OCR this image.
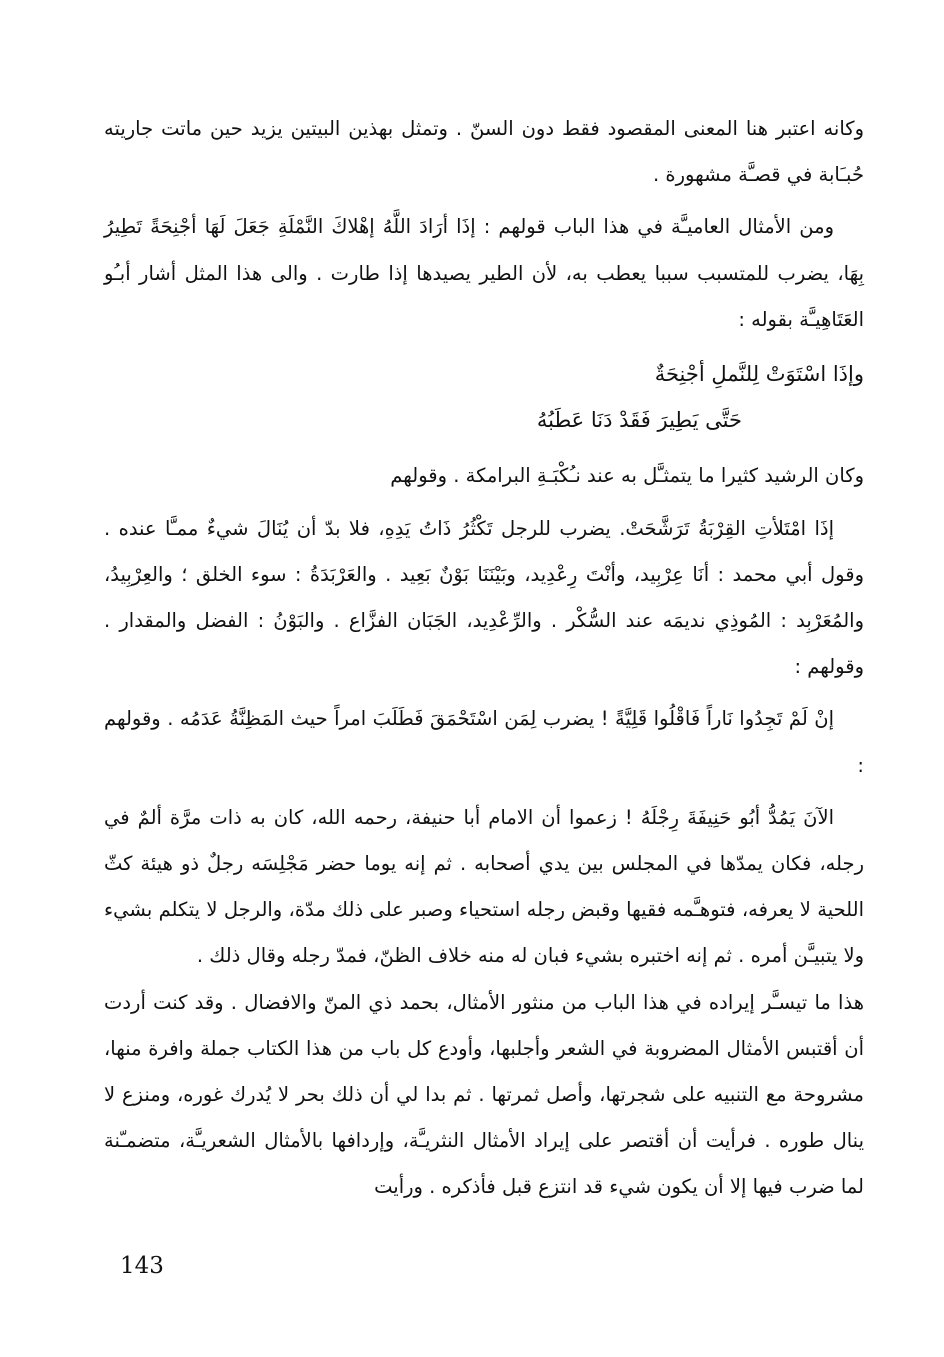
وكانه اعتبر هنا المعنى المقصود فقط دون السنّ . وتمثل بهذين البيتين يزيد حين ماتت جاريته حُبـَابة في قصـَّة مشهورة .

ومن الأمثال العاميـَّة في هذا الباب قولهم : إذَا أرَادَ اللَّهُ إهْلاكَ النَّمْلَةِ جَعَلَ لَهَا أجْنِحَةً تَطِيرُ بِهَا، يضرب للمتسبب سببا يعطب به، لأن الطير يصيدها إذا طارت . والى هذا المثل أشار أبـُو العَتَاهِيـَّة بقوله :

وإذَا اسْتَوَتْ لِلنَّملِ أجْنِحَةٌ
حَتَّى يَطِيرَ فَقَدْ دَنَا عَطَبُهُ

وكان الرشيد كثيرا ما يتمثـَّل به عند نـُكْبَـةِ البرامكة . وقولهم

إذَا امْتَلأتِ القِرْبَةُ تَرَشَّحَتْ. يضرب للرجل تَكْثُرُ ذَاتُ يَدِهِ، فلا بدّ أن يُنَالَ شيءٌ ممـَّا عنده . وقول أبي محمد : أنَا عِرْبِيد، وأنْتَ رِعْدِيد، وبَيْنَنَا بَوْنٌ بَعِيد . والعَرْبَدَةُ : سوء الخلق ؛ والعِرْبِيدُ، والمُعَرْبِد : المُوذِي نديمَه عند السُّكْر . والرِّعْدِيد، الجَبَان الفزَّاع . والبَوْنُ : الفضل والمقدار . وقولهم :

إنْ لَمْ تَجِدُوا نَاراً فَاقْلُوا قَلِيَّةً ! يضرب لِمَن اسْتَحْمَقَ فَطَلَبَ امراً حيث المَظِنَّةُ عَدَمُه . وقولهم :

الآنَ يَمُدُّ أبُو حَنِيفَةَ رِجْلَهُ ! زعموا أن الامام أبا حنيفة، رحمه الله، كان به ذات مرَّة ألمٌ في رجله، فكان يمدّها في المجلس بين يدي أصحابه . ثم إنه يوما حضر مَجْلِسَه رجلٌ ذو هيئة كثّ اللحية لا يعرفه، فتوهـَّمه فقيها وقبض رجله استحياء وصبر على ذلك مدّة، والرجل لا يتكلم بشيء ولا يتبيـَّن أمره . ثم إنه اختبره بشيء فبان له منه خلاف الظنّ، فمدّ رجله وقال ذلك .

هذا ما تيسـَّر إيراده في هذا الباب من منثور الأمثال، بحمد ذي المنّ والافضال . وقد كنت أردت أن أقتبس الأمثال المضروبة في الشعر وأجلبها، وأودع كل باب من هذا الكتاب جملة وافرة منها، مشروحة مع التنبيه على شجرتها، وأصل ثمرتها . ثم بدا لي أن ذلك بحر لا يُدرك غوره، ومنزع لا ينال طوره . فرأيت أن أقتصر على إيراد الأمثال النثريـَّة، وإردافها بالأمثال الشعريـَّة، متضمـّنة لما ضرب فيها إلا أن يكون شيء قد انتزع قبل فأذكره . ورأيت

143
